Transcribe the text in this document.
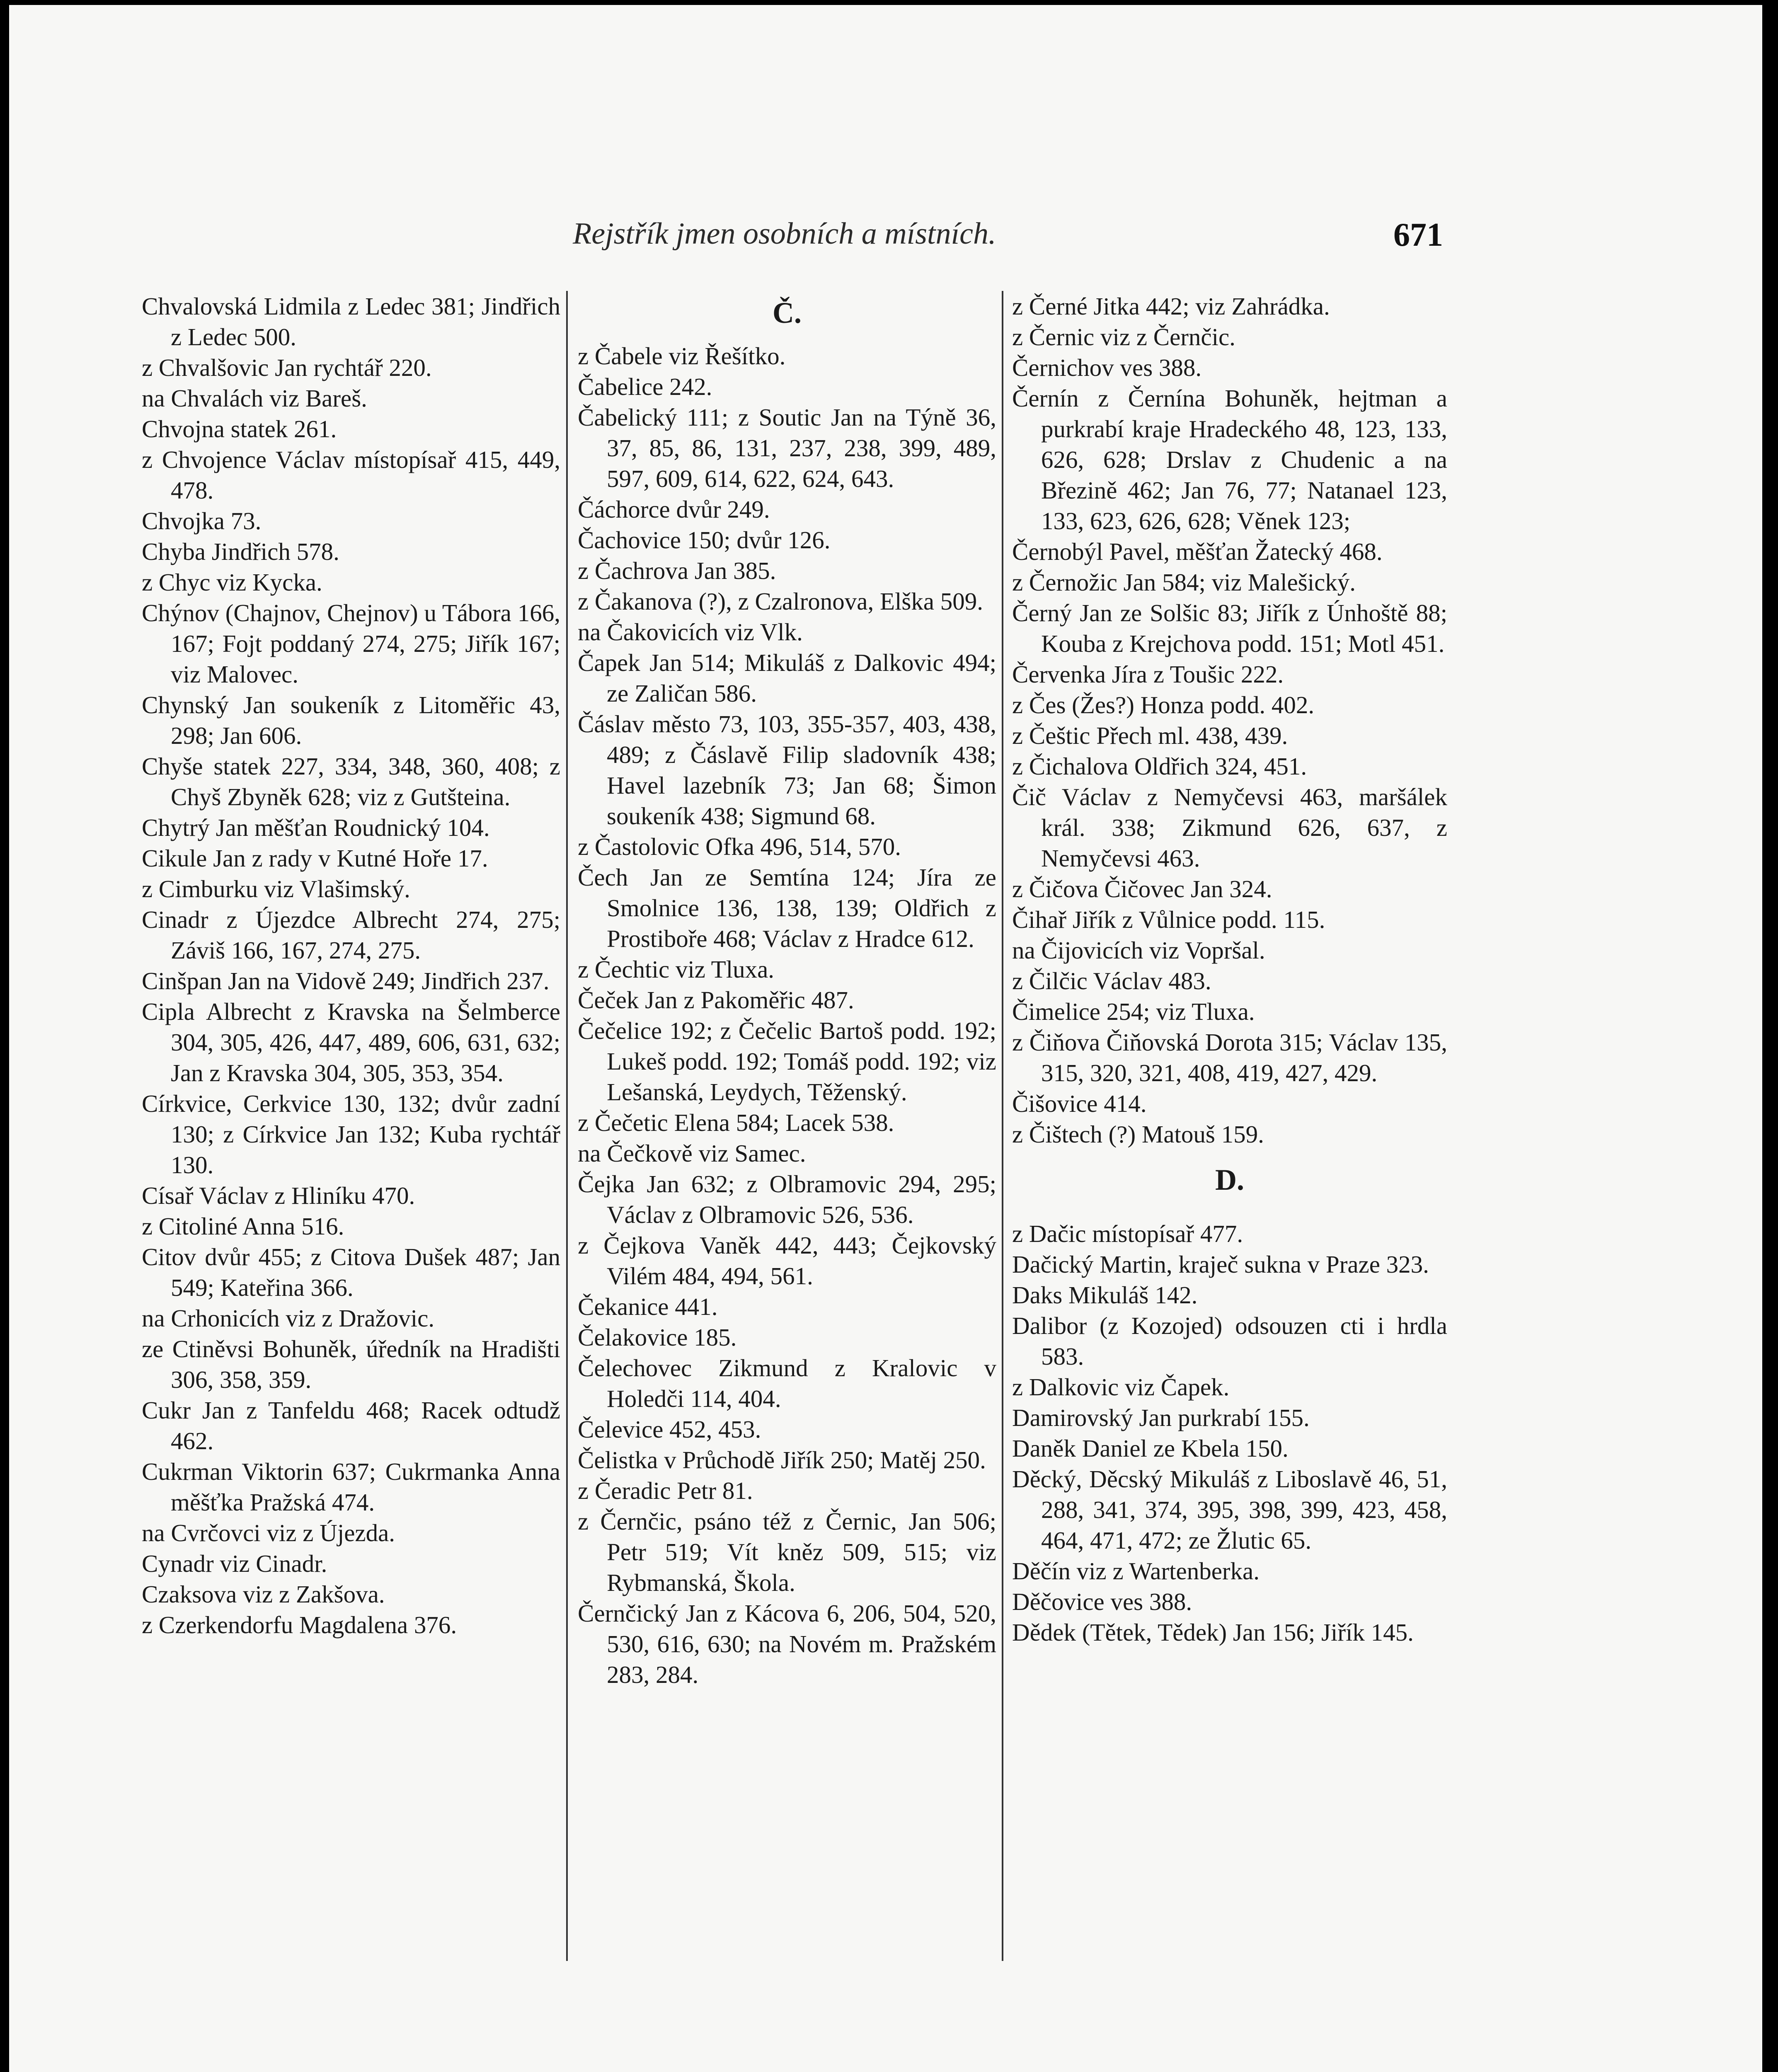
Rejstřík jmen osobních a místních.	671

Chvalovská Lidmila z Ledec 381; Jindřich z Ledec 500.

z Chvalšovic Jan rychtář 220.

na Chvalách viz Bareš.

Chvojna statek 261.

z Chvojence Václav místopísař 415, 449, 478.

Chvojka 73.

Chyba Jindřich 578.

z Chyc viz Kycka.

Chýnov (Chajnov, Chejnov) u Tábora 166, 167; Fojt poddaný 274, 275; Jiřík 167; viz Malovec.

Chynský Jan soukeník z Litoměřic 43, 298; Jan 606.

Chyše statek 227, 334, 348, 360, 408; z Chyš Zbyněk 628; viz z Gutšteina.

Chytrý Jan měšťan Roudnický 104.

Cikule Jan z rady v Kutné Hoře 17.

z Cimburku viz Vlašimský.

Cinadr z Újezdce Albrecht 274, 275; Záviš 166, 167, 274, 275.

Cinšpan Jan na Vidově 249; Jindřich 237.

Cipla Albrecht z Kravska na Šelmberce 304, 305, 426, 447, 489, 606, 631, 632; Jan z Kravska 304, 305, 353, 354.

Církvice, Cerkvice 130, 132; dvůr zadní 130; z Církvice Jan 132; Kuba rychtář 130.

Císař Václav z Hliníku 470.

z Citoliné Anna 516.

Citov dvůr 455; z Citova Dušek 487; Jan 549; Kateřina 366.

na Crhonicích viz z Dražovic.

ze Ctiněvsi Bohuněk, úředník na Hradišti 306, 358, 359.

Cukr Jan z Tanfeldu 468; Racek odtudž 462.

Cukrman Viktorin 637; Cukrmanka Anna měšťka Pražská 474.

na Cvrčovci viz z Újezda.

Cynadr viz Cinadr.

Czaksova viz z Zakšova.

z Czerkendorfu Magdalena 376.

Č.

z Čabele viz Řešítko.

Čabelice 242.

Čabelický 111; z Soutic Jan na Týně 36, 37, 85, 86, 131, 237, 238, 399, 489, 597, 609, 614, 622, 624, 643.

Čáchorce dvůr 249.

Čachovice 150; dvůr 126.

z Čachrova Jan 385.

z Čakanova (?), z Czalronova, Elška 509.

na Čakovicích viz Vlk.

Čapek Jan 514; Mikuláš z Dalkovic 494; ze Zaličan 586.

Čáslav město 73, 103, 355-357, 403, 438, 489; z Čáslavě Filip sladovník 438; Havel lazebník 73; Jan 68; Šimon soukeník 438; Sigmund 68.

z Častolovic Ofka 496, 514, 570.

Čech Jan ze Semtína 124; Jíra ze Smolnice 136, 138, 139; Oldřich z Prostiboře 468; Václav z Hradce 612.

z Čechtic viz Tluxa.

Čeček Jan z Pakoměřic 487.

Čečelice 192; z Čečelic Bartoš podd. 192; Lukeš podd. 192; Tomáš podd. 192; viz Lešanská, Leydych, Těženský.

z Čečetic Elena 584; Lacek 538.

na Čečkově viz Samec.

Čejka Jan 632; z Olbramovic 294, 295; Václav z Olbramovic 526, 536.

z Čejkova Vaněk 442, 443; Čejkovský Vilém 484, 494, 561.

Čekanice 441.

Čelakovice 185.

Čelechovec Zikmund z Kralovic v Holedči 114, 404.

Čelevice 452, 453.

Čelistka v Průchodě Jiřík 250; Matěj 250.

z Čeradic Petr 81.

z Černčic, psáno též z Černic, Jan 506; Petr 519; Vít kněz 509, 515; viz Rybmanská, Škola.

Černčický Jan z Kácova 6, 206, 504, 520, 530, 616, 630; na Novém m. Pražském 283, 284.

z Černé Jitka 442; viz Zahrádka.

z Černic viz z Černčic.

Černichov ves 388.

Černín z Černína Bohuněk, hejtman a purkrabí kraje Hradeckého 48, 123, 133, 626, 628; Drslav z Chudenic a na Březině 462; Jan 76, 77; Natanael 123, 133, 623, 626, 628; Věnek 123;

Černobýl Pavel, měšťan Žatecký 468.

z Černožic Jan 584; viz Malešický.

Černý Jan ze Solšic 83; Jiřík z Únhoště 88; Kouba z Krejchova podd. 151; Motl 451.

Červenka Jíra z Toušic 222.

z Čes (Žes?) Honza podd. 402.

z Češtic Přech ml. 438, 439.

z Čichalova Oldřich 324, 451.

Čič Václav z Nemyčevsi 463, maršálek král. 338; Zikmund 626, 637, z Nemyčevsi 463.

z Čičova Čičovec Jan 324.

Čihař Jiřík z Vůlnice podd. 115.

na Čijovicích viz Vopršal.

z Čilčic Václav 483.

Čimelice 254; viz Tluxa.

z Čiňova Čiňovská Dorota 315; Václav 135, 315, 320, 321, 408, 419, 427, 429.

Čišovice 414.

z Čištech (?) Matouš 159.

D.

z Dačic místopísař 477.

Dačický Martin, kraječ sukna v Praze 323.

Daks Mikuláš 142.

Dalibor (z Kozojed) odsouzen cti i hrdla 583.

z Dalkovic viz Čapek.

Damirovský Jan purkrabí 155.

Daněk Daniel ze Kbela 150.

Děcký, Děcský Mikuláš z Liboslavě 46, 51, 288, 341, 374, 395, 398, 399, 423, 458, 464, 471, 472; ze Žlutic 65.

Děčín viz z Wartenberka.

Děčovice ves 388.

Dědek (Tětek, Tědek) Jan 156; Jiřík 145.
